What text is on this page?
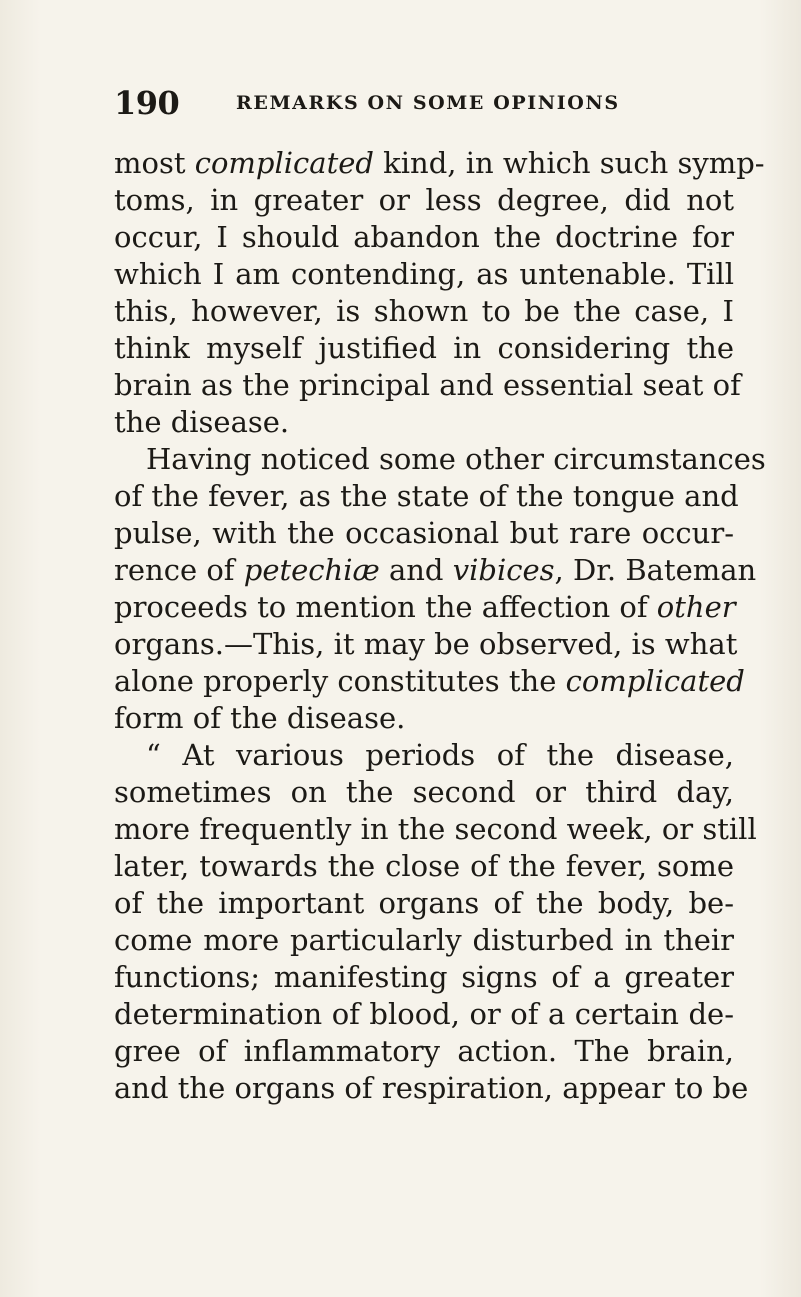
190	REMARKS ON SOME OPINIONS
most complicated kind, in which such symp-
toms, in greater or less degree, did not
occur, I should abandon the doctrine for
which I am contending, as untenable. Till
this, however, is shown to be the case, I
think myself justified in considering the
brain as the principal and essential seat of
the disease.
Having noticed some other circumstances
of the fever, as the state of the tongue and
pulse, with the occasional but rare occur-
rence of petechiæ and vibices, Dr. Bateman
proceeds to mention the affection of other
organs.—This, it may be observed, is what
alone properly constitutes the complicated
form of the disease.
“ At various periods of the disease,
sometimes on the second or third day,
more frequently in the second week, or still
later, towards the close of the fever, some
of the important organs of the body, be-
come more particularly disturbed in their
functions; manifesting signs of a greater
determination of blood, or of a certain de-
gree of inflammatory action. The brain,
and the organs of respiration, appear to be
